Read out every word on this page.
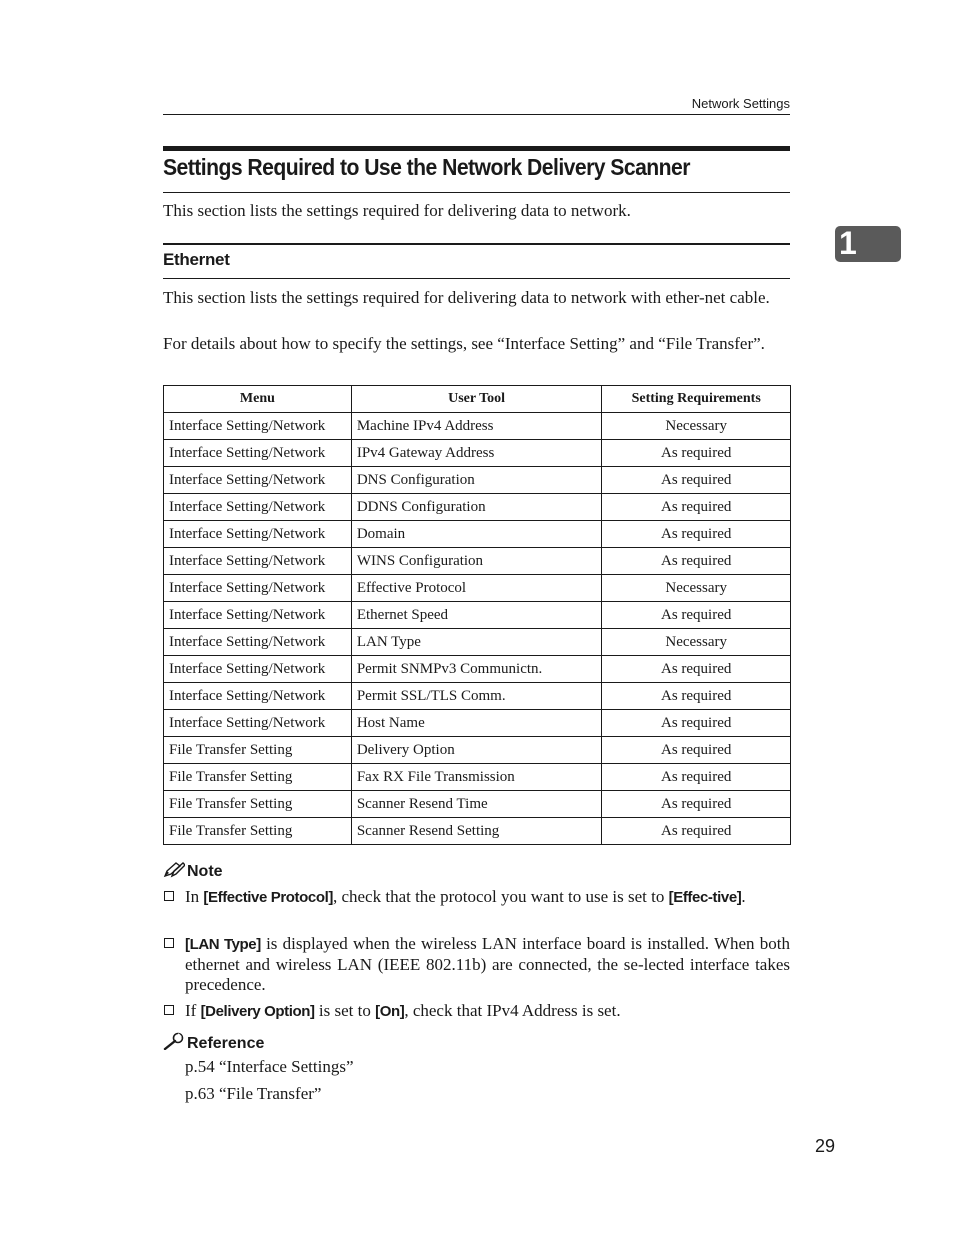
Network Settings
1
Settings Required to Use the Network Delivery Scanner
This section lists the settings required for delivering data to network.
Ethernet
This section lists the settings required for delivering data to network with ether-net cable.
For details about how to specify the settings, see “Interface Setting” and “File Transfer”.
Menu	User Tool	Setting Requirements
Interface Setting/Network	Machine IPv4 Address	Necessary
Interface Setting/Network	IPv4 Gateway Address	As required
Interface Setting/Network	DNS Configuration	As required
Interface Setting/Network	DDNS Configuration	As required
Interface Setting/Network	Domain	As required
Interface Setting/Network	WINS Configuration	As required
Interface Setting/Network	Effective Protocol	Necessary
Interface Setting/Network	Ethernet Speed	As required
Interface Setting/Network	LAN Type	Necessary
Interface Setting/Network	Permit SNMPv3 Communictn.	As required
Interface Setting/Network	Permit SSL/TLS Comm.	As required
Interface Setting/Network	Host Name	As required
File Transfer Setting	Delivery Option	As required
File Transfer Setting	Fax RX File Transmission	As required
File Transfer Setting	Scanner Resend Time	As required
File Transfer Setting	Scanner Resend Setting	As required
Note
In [Effective Protocol], check that the protocol you want to use is set to [Effec-tive].
[LAN Type] is displayed when the wireless LAN interface board is installed. When both ethernet and wireless LAN (IEEE 802.11b) are connected, the se-lected interface takes precedence.
If [Delivery Option] is set to [On], check that IPv4 Address is set.
Reference
p.54 “Interface Settings”
p.63 “File Transfer”
29
